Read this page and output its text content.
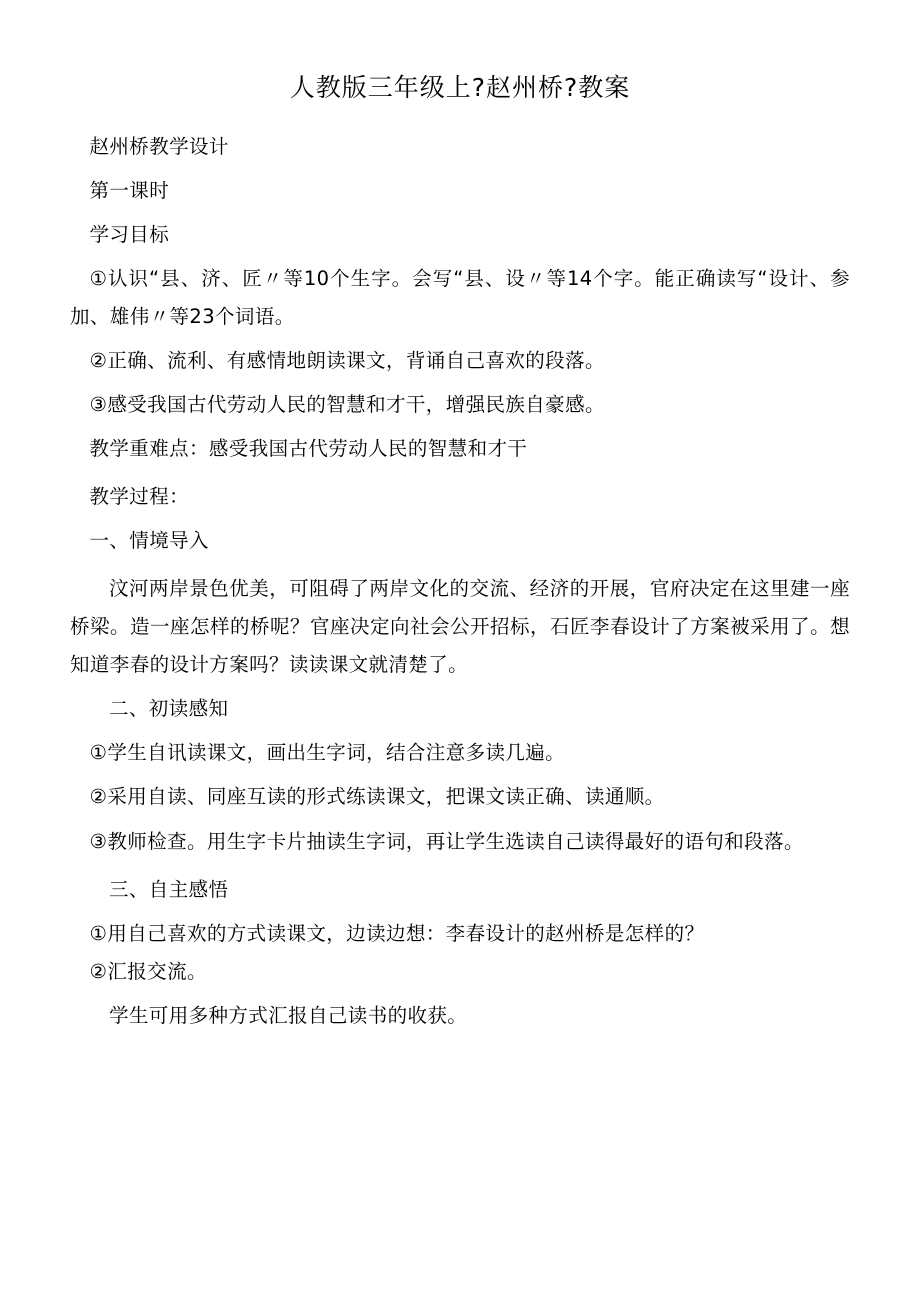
人教版三年级上?赵州桥?教案

赵州桥教学设计

第一课时

学习目标

①认识“县、济、匠〃等10个生字。会写“县、设〃等14个字。能正确读写“设计、参加、雄伟〃等23个词语。

②正确、流利、有感情地朗读课文，背诵自己喜欢的段落。

③感受我国古代劳动人民的智慧和才干，增强民族自豪感。

教学重难点：感受我国古代劳动人民的智慧和才干

教学过程：

一、情境导入

汶河两岸景色优美，可阻碍了两岸文化的交流、经济的开展，官府决定在这里建一座桥梁。造一座怎样的桥呢？官座决定向社会公开招标，石匠李春设计了方案被采用了。想知道李春的设计方案吗？读读课文就清楚了。

二、初读感知

①学生自讯读课文，画出生字词，结合注意多读几遍。

②采用自读、同座互读的形式练读课文，把课文读正确、读通顺。

③教师检查。用生字卡片抽读生字词，再让学生选读自己读得最好的语句和段落。

三、自主感悟

①用自己喜欢的方式读课文，边读边想：李春设计的赵州桥是怎样的？

②汇报交流。

学生可用多种方式汇报自己读书的收获。
